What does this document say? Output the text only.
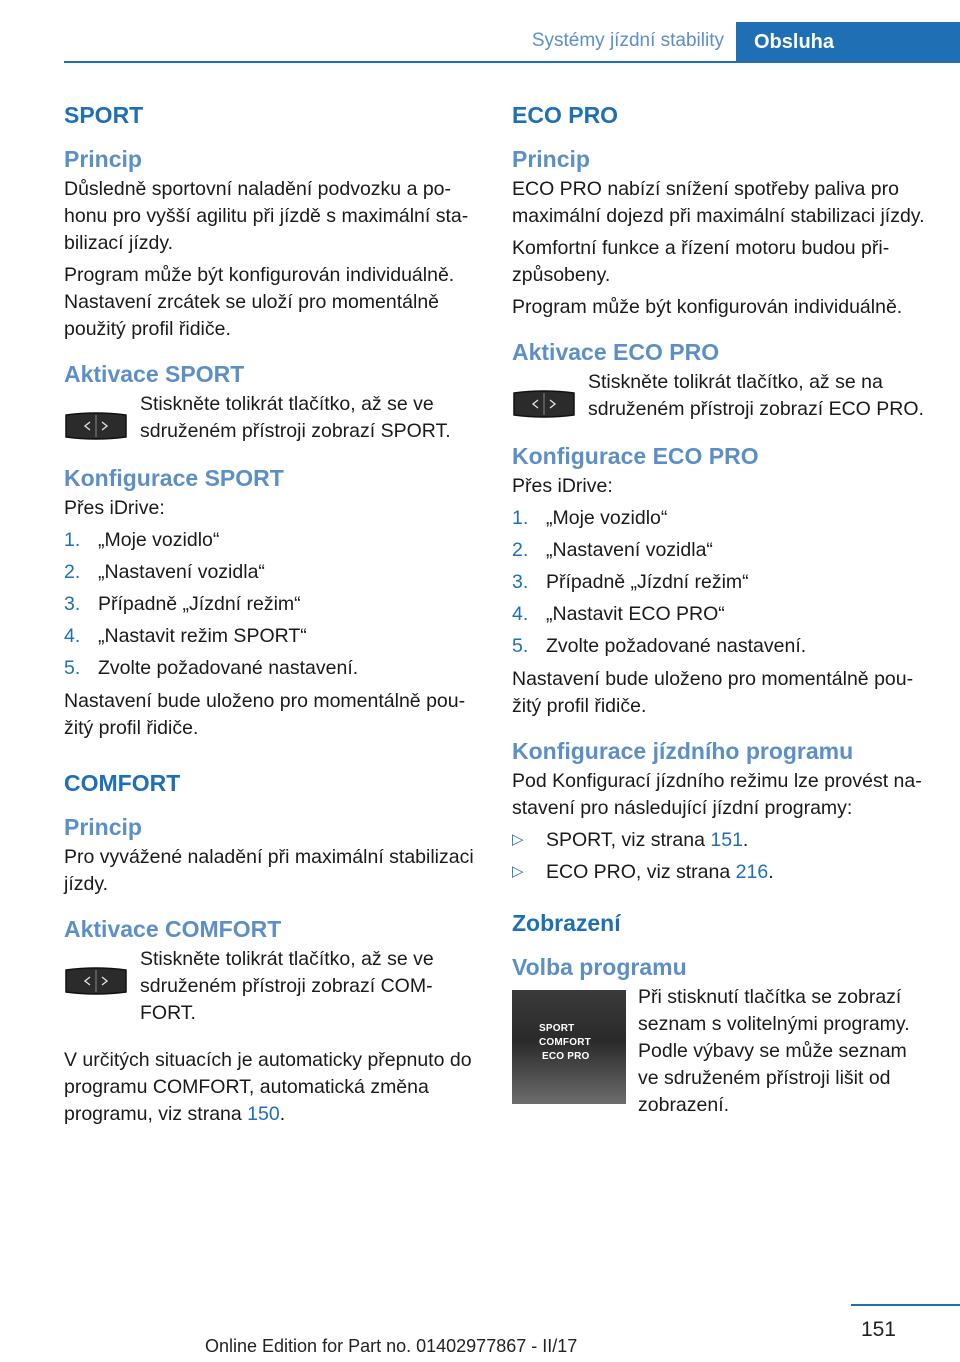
Systémy jízdní stability	Obsluha
SPORT
Princip

Důsledně sportovní naladění podvozku a pohonu pro vyšší agilitu při jízdě s maximální stabilizací jízdy.

Program může být konfigurován individuálně. Nastavení zrcátek se uloží pro momentálně použitý profil řidiče.

Aktivace SPORT
Stiskněte tolikrát tlačítko, až se ve sdruženém přístroji zobrazí SPORT.
Konfigurace SPORT

Přes iDrive:

1. „Moje vozidlo“
2. „Nastavení vozidla“
3. Případně „Jízdní režim“
4. „Nastavit režim SPORT“
5. Zvolte požadované nastavení.

Nastavení bude uloženo pro momentálně použitý profil řidiče.

COMFORT
Princip

Pro vyvážené naladění při maximální stabilizaci jízdy.

Aktivace COMFORT
Stiskněte tolikrát tlačítko, až se ve sdruženém přístroji zobrazí COMFORT.

V určitých situacích je automaticky přepnuto do programu COMFORT, automatická změna programu, viz strana 150.

ECO PRO
Princip

ECO PRO nabízí snížení spotřeby paliva pro maximální dojezd při maximální stabilizaci jízdy.

Komfortní funkce a řízení motoru budou přizpůsobeny.

Program může být konfigurován individuálně.

Aktivace ECO PRO
Stiskněte tolikrát tlačítko, až se na sdruženém přístroji zobrazí ECO PRO.
Konfigurace ECO PRO

Přes iDrive:

1. „Moje vozidlo“
2. „Nastavení vozidla“
3. Případně „Jízdní režim“
4. „Nastavit ECO PRO“
5. Zvolte požadované nastavení.

Nastavení bude uloženo pro momentálně použitý profil řidiče.

Konfigurace jízdního programu

Pod Konfigurací jízdního režimu lze provést nastavení pro následující jízdní programy:

▷ SPORT, viz strana 151.
▷ ECO PRO, viz strana 216.
Zobrazení
Volba programu
SPORT
COMFORT
ECO PRO

Při stisknutí tlačítka se zobrazí seznam s volitelnými programy. Podle výbavy se může seznam ve sdruženém přístroji lišit od zobrazení.

151
Online Edition for Part no. 01402977867 - II/17
